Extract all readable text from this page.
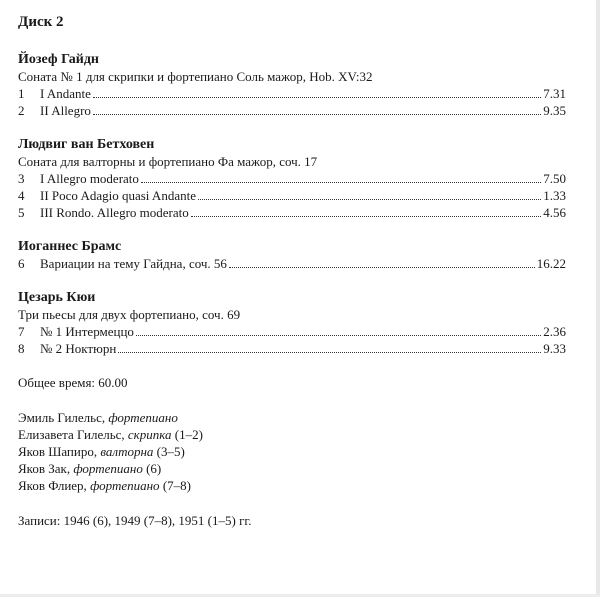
Диск 2
Йозеф Гайдн
Соната № 1 для скрипки и фортепиано Соль мажор, Hob. XV:32
1	I Andante	7.31
2	II Allegro	9.35
Людвиг ван Бетховен
Соната для валторны и фортепиано Фа мажор, соч. 17
3	I Allegro moderato	7.50
4	II Poco Adagio quasi Andante	1.33
5	III Rondo. Allegro moderato	4.56
Иоганнес Брамс
6	Вариации на тему Гайдна, соч. 56	16.22
Цезарь Кюи
Три пьесы для двух фортепиано, соч. 69
7	№ 1 Интермеццо	2.36
8	№ 2 Ноктюрн	9.33
Общее время: 60.00
Эмиль Гилельс, фортепиано
Елизавета Гилельс, скрипка (1–2)
Яков Шапиро, валторна (3–5)
Яков Зак, фортепиано (6)
Яков Флиер, фортепиано (7–8)
Записи: 1946 (6), 1949 (7–8), 1951 (1–5) гг.
